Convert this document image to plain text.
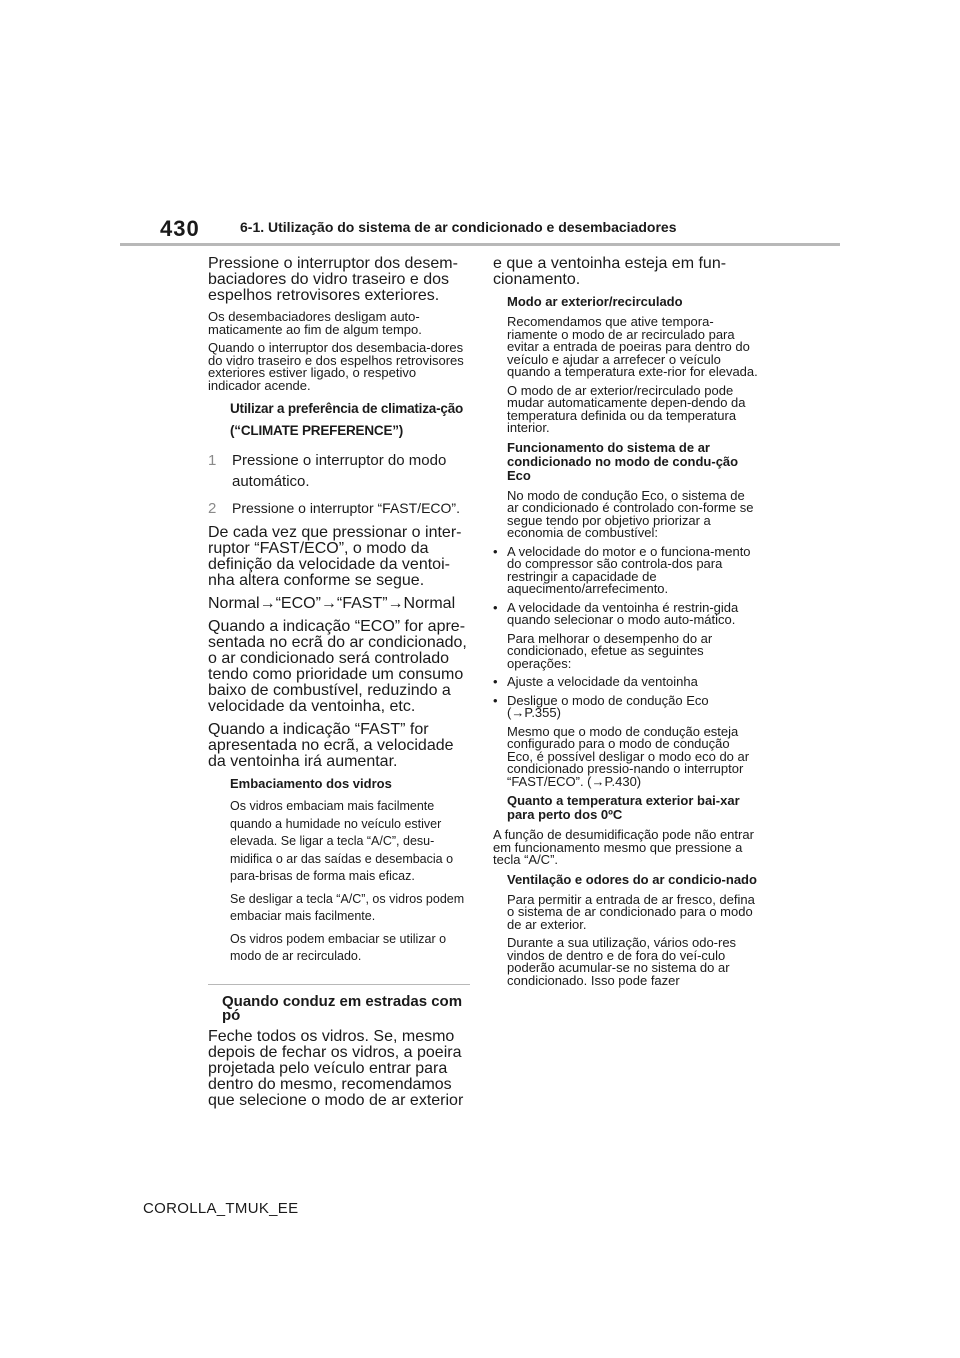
430	6-1. Utilização do sistema de ar condicionado e desembaciadores

Pressione o interruptor dos desem-baciadores do vidro traseiro e dos espelhos retrovisores exteriores.

Os desembaciadores desligam auto-maticamente ao fim de algum tempo.

Quando o interruptor dos desembacia-dores do vidro traseiro e dos espelhos retrovisores exteriores estiver ligado, o respetivo indicador acende.

Utilizar a preferência de climatiza-ção (“CLIMATE PREFERENCE”)

1	Pressione o interruptor do modo automático.
2	Pressione o interruptor “FAST/ECO”.

De cada vez que pressionar o inter-ruptor “FAST/ECO”, o modo da definição da velocidade da ventoi-nha altera conforme se segue.

Normal→“ECO”→“FAST”→Normal

Quando a indicação “ECO” for apre-sentada no ecrã do ar condicionado, o ar condicionado será controlado tendo como prioridade um consumo baixo de combustível, reduzindo a velocidade da ventoinha, etc.

Quando a indicação “FAST” for apresentada no ecrã, a velocidade da ventoinha irá aumentar.

Embaciamento dos vidros

Os vidros embaciam mais facilmente quando a humidade no veículo estiver elevada. Se ligar a tecla “A/C”, desu-midifica o ar das saídas e desembacia o para-brisas de forma mais eficaz.

Se desligar a tecla “A/C”, os vidros podem embaciar mais facilmente.

Os vidros podem embaciar se utilizar o modo de ar recirculado.

Quando conduz em estradas com pó

Feche todos os vidros. Se, mesmo depois de fechar os vidros, a poeira projetada pelo veículo entrar para dentro do mesmo, recomendamos que selecione o modo de ar exterior

e que a ventoinha esteja em fun-cionamento.

Modo ar exterior/recirculado

Recomendamos que ative tempora-riamente o modo de ar recirculado para evitar a entrada de poeiras para dentro do veículo e ajudar a arrefecer o veículo quando a temperatura exte-rior for elevada.

O modo de ar exterior/recirculado pode mudar automaticamente depen-dendo da temperatura definida ou da temperatura interior.

Funcionamento do sistema de ar condicionado no modo de condu-ção Eco

No modo de condução Eco, o sistema de ar condicionado é controlado con-forme se segue tendo por objetivo priorizar a economia de combustível:

• A velocidade do motor e o funciona-mento do compressor são controla-dos para restringir a capacidade de aquecimento/arrefecimento.
• A velocidade da ventoinha é restrin-gida quando selecionar o modo auto-mático.

Para melhorar o desempenho do ar condicionado, efetue as seguintes operações:

• Ajuste a velocidade da ventoinha
• Desligue o modo de condução Eco (→P.355)

Mesmo que o modo de condução esteja configurado para o modo de condução Eco, é possível desligar o modo eco do ar condicionado pressio-nando o interruptor “FAST/ECO”. (→P.430)

Quanto a temperatura exterior bai-xar para perto dos 0ºC

A função de desumidificação pode não entrar em funcionamento mesmo que pressione a tecla “A/C”.

Ventilação e odores do ar condicio-nado

Para permitir a entrada de ar fresco, defina o sistema de ar condicionado para o modo de ar exterior.

Durante a sua utilização, vários odo-res vindos de dentro e de fora do veí-culo poderão acumular-se no sistema do ar condicionado. Isso pode fazer

COROLLA_TMUK_EE
